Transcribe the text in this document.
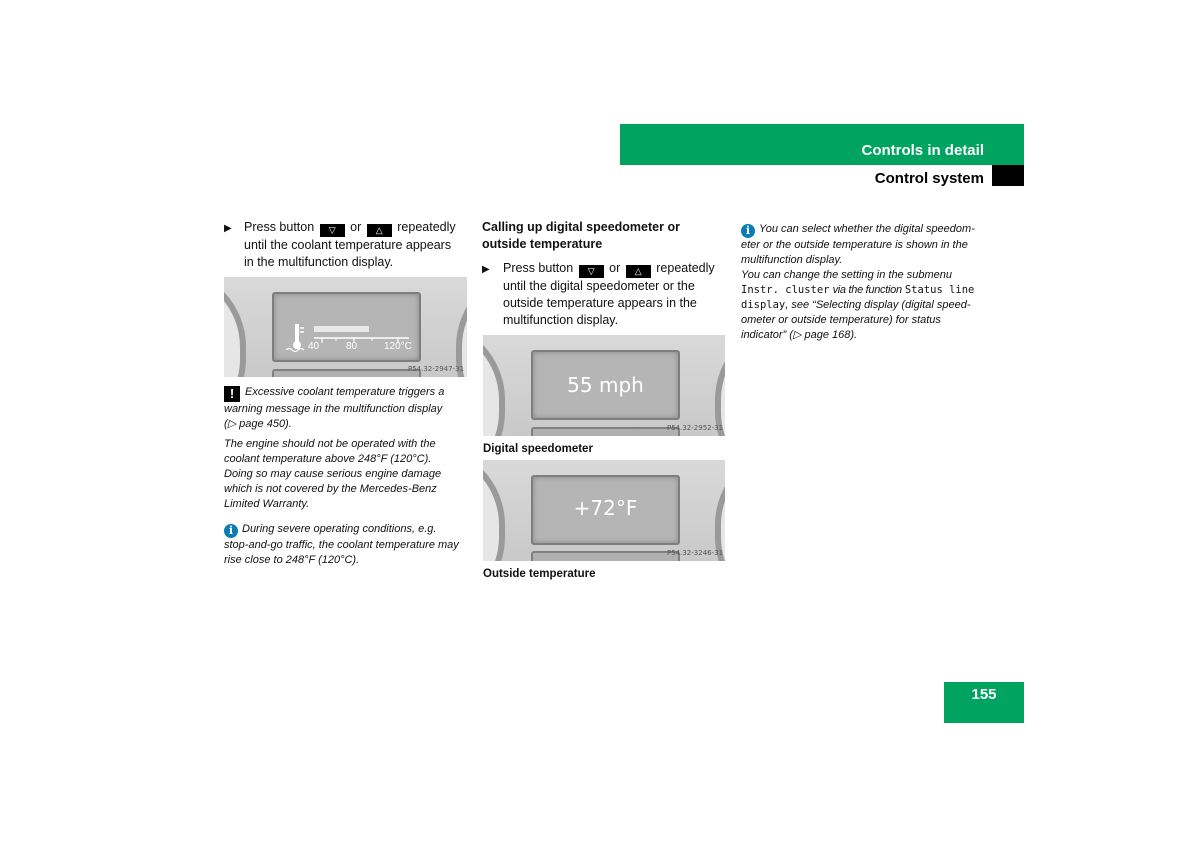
Controls in detail
Control system
▶ Press button ▽ or △ repeatedly
until the coolant temperature appears
in the multifunction display.
40	80	120°C
P54.32-2947-31
! Excessive coolant temperature triggers a
warning message in the multifunction display
(▷ page 450).
The engine should not be operated with the
coolant temperature above 248°F (120°C).
Doing so may cause serious engine damage
which is not covered by the Mercedes-Benz
Limited Warranty.
i During severe operating conditions, e.g.
stop-and-go traffic, the coolant temperature may
rise close to 248°F (120°C).
Calling up digital speedometer or
outside temperature
▶	Press button ▽ or △ repeatedly
until the digital speedometer or the
outside temperature appears in the
multifunction display.
55 mph
P54.32-2952-31
Digital speedometer
+72°F
P54.32-3246-31
Outside temperature
i You can select whether the digital speedom-
eter or the outside temperature is shown in the
multifunction display.
You can change the setting in the submenu
Instr. cluster via the function Status line
display, see “Selecting display (digital speed-
ometer or outside temperature) for status
indicator” (▷ page 168).
155
